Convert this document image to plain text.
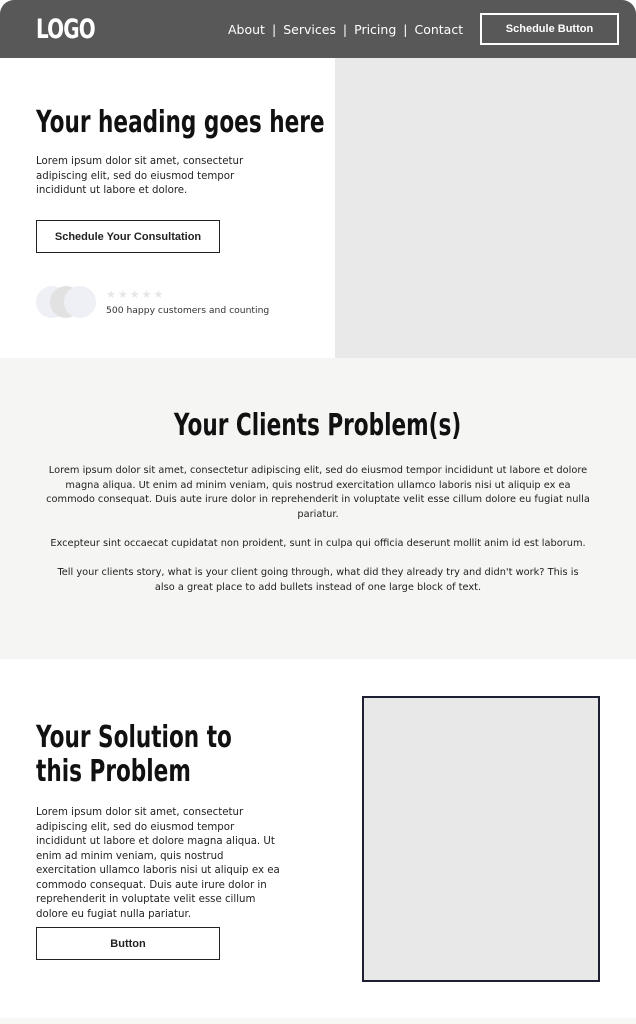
LOGO	About | Services | Pricing | Contact	Schedule Button
Your heading goes here

Lorem ipsum dolor sit amet, consectetur adipiscing elit, sed do eiusmod tempor incididunt ut labore et dolore.

Schedule Your Consultation
★★★★★
500 happy customers and counting
Your Clients Problem(s)

Lorem ipsum dolor sit amet, consectetur adipiscing elit, sed do eiusmod tempor incididunt ut labore et dolore magna aliqua. Ut enim ad minim veniam, quis nostrud exercitation ullamco laboris nisi ut aliquip ex ea commodo consequat. Duis aute irure dolor in reprehenderit in voluptate velit esse cillum dolore eu fugiat nulla pariatur.

Excepteur sint occaecat cupidatat non proident, sunt in culpa qui officia deserunt mollit anim id est laborum.

Tell your clients story, what is your client going through, what did they already try and didn't work? This is also a great place to add bullets instead of one large block of text.

Your Solution to this Problem

Lorem ipsum dolor sit amet, consectetur adipiscing elit, sed do eiusmod tempor incididunt ut labore et dolore magna aliqua. Ut enim ad minim veniam, quis nostrud exercitation ullamco laboris nisi ut aliquip ex ea commodo consequat. Duis aute irure dolor in reprehenderit in voluptate velit esse cillum dolore eu fugiat nulla pariatur.

Button
